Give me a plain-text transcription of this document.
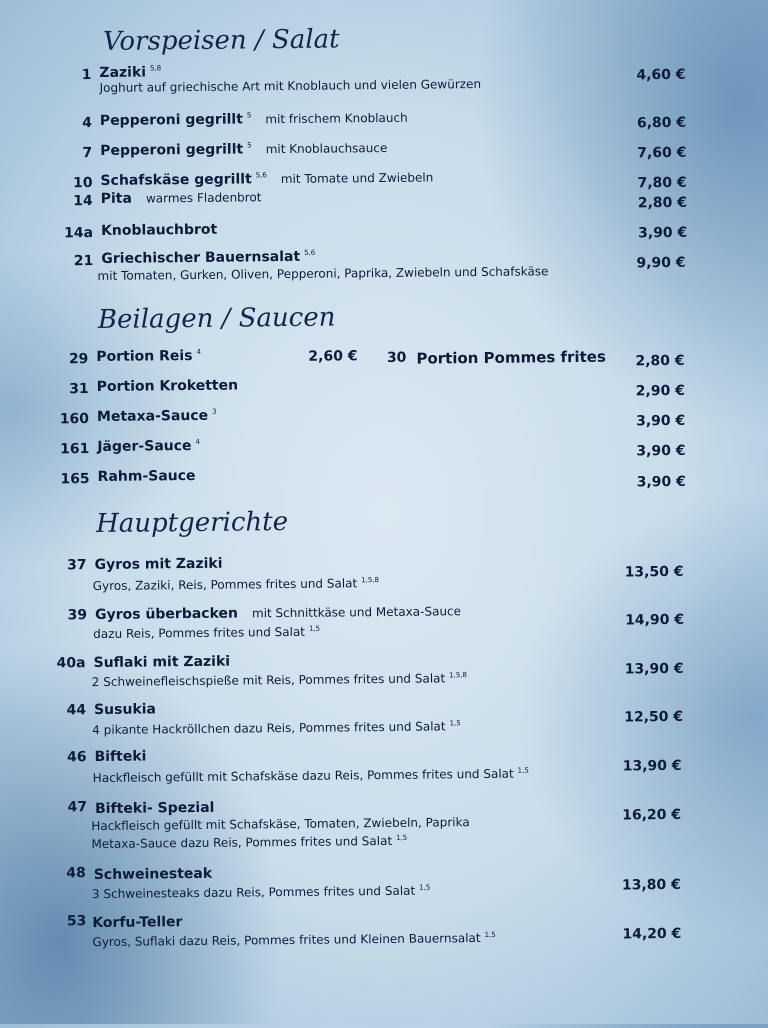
Vorspeisen / Salat
1 Zaziki $^{5,8}$
Joghurt auf griechische Art mit Knoblauch und vielen Gewürzen
4,60 €
4 Pepperoni gegrillt $^5$ mit frischem Knoblauch	6,80 €
7 Pepperoni gegrillt $^5$ mit Knoblauchsauce	7,60 €
10 Schafskäse gegrillt $^{5,6}$ mit Tomate und Zwiebeln	7,80 €
14 Pita warmes Fladenbrot	2,80 €
14a Knoblauchbrot	3,90 €
21 Griechischer Bauernsalat $^{5,6}$
mit Tomaten, Gurken, Oliven, Pepperoni, Paprika, Zwiebeln und Schafskäse
9,90 €
Beilagen / Saucen
29 Portion Reis $^4$	2,60 €	30 Portion Pommes frites 2,80 €
31 Portion Kroketten	2,90 €
160 Metaxa-Sauce $^3$
3,90 €
161 Jäger-Sauce $^4$
3,90 €
165 Rahm-Sauce	3,90 €
Hauptgerichte
37 Gyros mit Zaziki
Gyros, Zaziki, Reis, Pommes frites und Salat $^{1,5,8}$	13,50 €
39 Gyros überbacken mit Schnittkäse und Metaxa-Sauce
dazu Reis, Pommes frites und Salat $^{1,5}$
14,90 €
40a Suflaki mit Zaziki
2 Schweinefleischspieße mit Reis, Pommes frites und Salat $^{1,5,8}$	13,90 €
44 Susukia
4 pikante Hackröllchen dazu Reis, Pommes frites und Salat $^{1,5}$	12,50 €
46 Bifteki
Hackfleisch gefüllt mit Schafskäse dazu Reis, Pommes frites und Salat $^{1,5}$	13,90 €
47 Bifteki- Spezial
Hackfleisch gefüllt mit Schafskäse, Tomaten, Zwiebeln, Paprika
Metaxa-Sauce dazu Reis, Pommes frites und Salat $^{1,5}$
16,20 €
48 Schweinesteak
3 Schweinesteaks dazu Reis, Pommes frites und Salat $^{1,5}$	13,80 €
53 Korfu-Teller
Gyros, Suflaki dazu Reis, Pommes frites und Kleinen Bauernsalat $^{1,5}$	14,20 €
